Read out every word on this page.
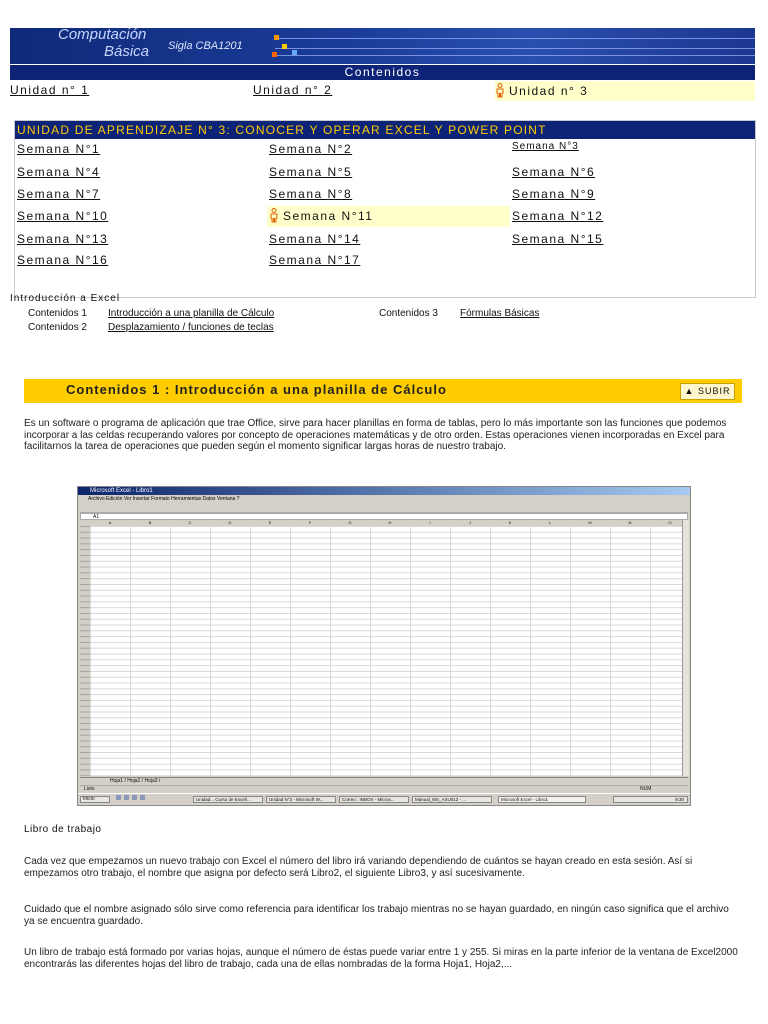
Computación
Básica Sigla CBA1201
Contenidos
Unidad n° 1	Unidad n° 2	Unidad n° 3
UNIDAD DE APRENDIZAJE N° 3: CONOCER Y OPERAR EXCEL Y POWER POINT
Semana N°1	Semana N°2	Semana N°3
Semana N°4	Semana N°5	Semana N°6
Semana N°7	Semana N°8	Semana N°9
Semana N°10	Semana N°11	Semana N°12
Semana N°13	Semana N°14	Semana N°15
Semana N°16	Semana N°17
Introducción a Excel
Contenidos 1 Introducción a una planilla de Cálculo
Contenidos 2 Desplazamiento / funciones de teclas
Contenidos 3 Fórmulas Básicas
Contenidos 1 : Introducción a una planilla de Cálculo	▲ SUBIR
Es un software o programa de aplicación que trae Office, sirve para hacer planillas en forma de tablas, pero lo más importante son las funciones que podemos incorporar a las celdas recuperando valores por concepto de operaciones matemáticas y de otro orden. Estas operaciones vienen incorporadas en Excel para facilitarnos la tarea de operaciones que pueden según el momento significar largas horas de nuestro trabajo.
Microsoft Excel - Libro1
Archivo Edición Ver Insertar Formato Herramientas Datos Ventana ?
A1
A	B	C	D	E	F	G	H	I	J	K	L	M	N	O
Hoja1 / Hoja2 / Hoja3 /
Listo	NUM
Inicio	Unidad... Curso de Excel\...	Unidad N°3 - Microsoft W...	Correo : INBOX - Micros...	Manual_MS_ASU012 - ...	Microsoft Excel - Libro1	9:30
Libro de trabajo
Cada vez que empezamos un nuevo trabajo con Excel el número del libro irá variando dependiendo de cuántos se hayan creado en esta sesión. Así si empezamos otro trabajo, el nombre que asigna por defecto será Libro2, el siguiente Libro3, y así sucesivamente.
Cuidado que el nombre asignado sólo sirve como referencia para identificar los trabajo mientras no se hayan guardado, en ningún caso significa que el archivo ya se encuentra guardado.
Un libro de trabajo está formado por varias hojas, aunque el número de éstas puede variar entre 1 y 255. Si miras en la parte inferior de la ventana de Excel2000 encontrarás las diferentes hojas del libro de trabajo, cada una de ellas nombradas de la forma Hoja1, Hoja2,...
